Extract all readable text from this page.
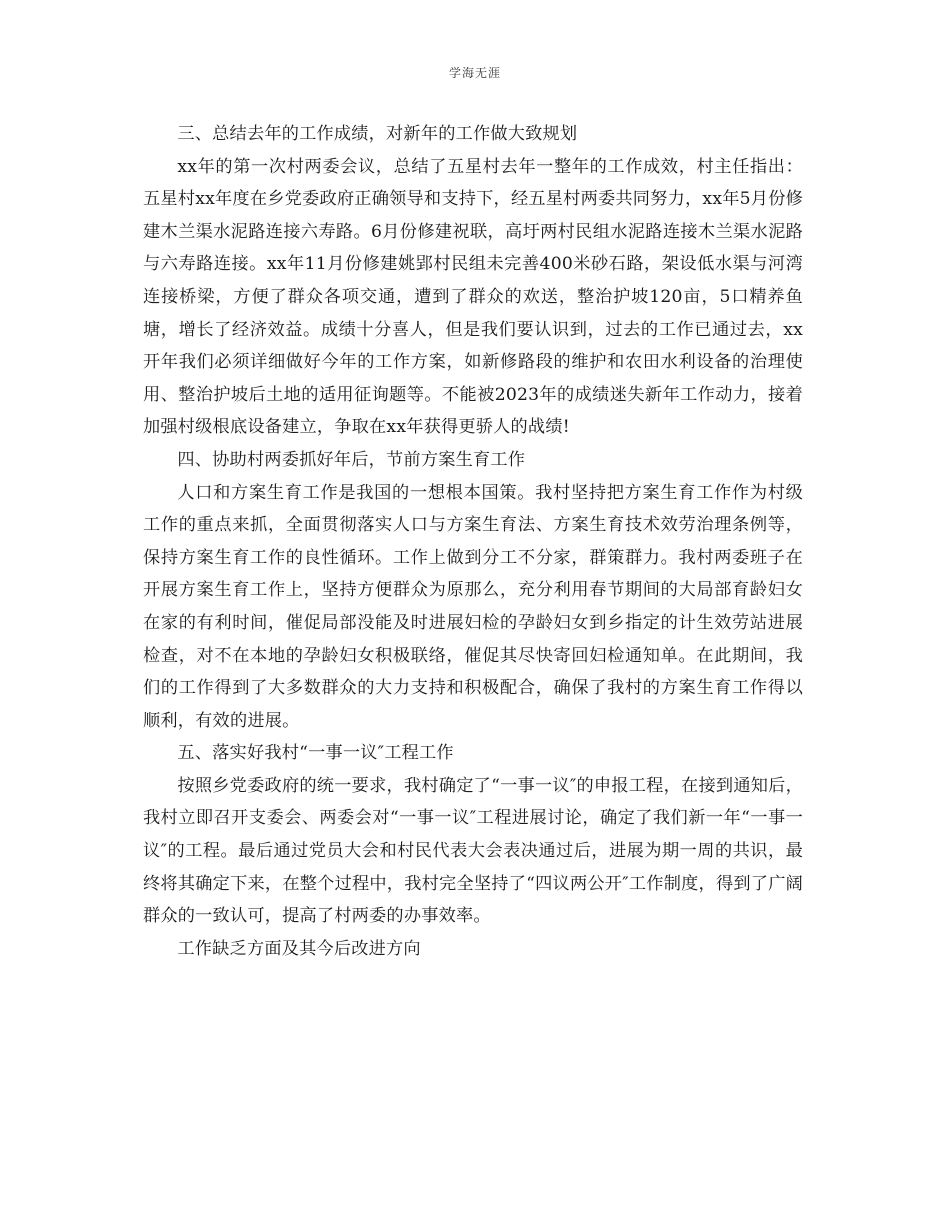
学海无涯

三、总结去年的工作成绩，对新年的工作做大致规划

xx年的第一次村两委会议，总结了五星村去年一整年的工作成效，村主任指出：五星村xx年度在乡党委政府正确领导和支持下，经五星村两委共同努力，xx年5月份修建木兰渠水泥路连接六寿路。6月份修建祝联，高圩两村民组水泥路连接木兰渠水泥路与六寿路连接。xx年11月份修建姚郢村民组未完善400米砂石路，架设低水渠与河湾连接桥梁，方便了群众各项交通，遭到了群众的欢送，整治护坡120亩，5口精养鱼塘，增长了经济效益。成绩十分喜人，但是我们要认识到，过去的工作已通过去，xx开年我们必须详细做好今年的工作方案，如新修路段的维护和农田水利设备的治理使用、整治护坡后土地的适用征询题等。不能被2023年的成绩迷失新年工作动力，接着加强村级根底设备建立，争取在xx年获得更骄人的战绩!

四、协助村两委抓好年后，节前方案生育工作

人口和方案生育工作是我国的一想根本国策。我村坚持把方案生育工作作为村级工作的重点来抓，全面贯彻落实人口与方案生育法、方案生育技术效劳治理条例等，保持方案生育工作的良性循环。工作上做到分工不分家，群策群力。我村两委班子在开展方案生育工作上，坚持方便群众为原那么，充分利用春节期间的大局部育龄妇女在家的有利时间，催促局部没能及时进展妇检的孕龄妇女到乡指定的计生效劳站进展检查，对不在本地的孕龄妇女积极联络，催促其尽快寄回妇检通知单。在此期间，我们的工作得到了大多数群众的大力支持和积极配合，确保了我村的方案生育工作得以顺利，有效的进展。

五、落实好我村“一事一议″工程工作

按照乡党委政府的统一要求，我村确定了“一事一议″的申报工程，在接到通知后，我村立即召开支委会、两委会对“一事一议″工程进展讨论，确定了我们新一年“一事一议″的工程。最后通过党员大会和村民代表大会表决通过后，进展为期一周的共识，最终将其确定下来，在整个过程中，我村完全坚持了“四议两公开″工作制度，得到了广阔群众的一致认可，提高了村两委的办事效率。

工作缺乏方面及其今后改进方向
